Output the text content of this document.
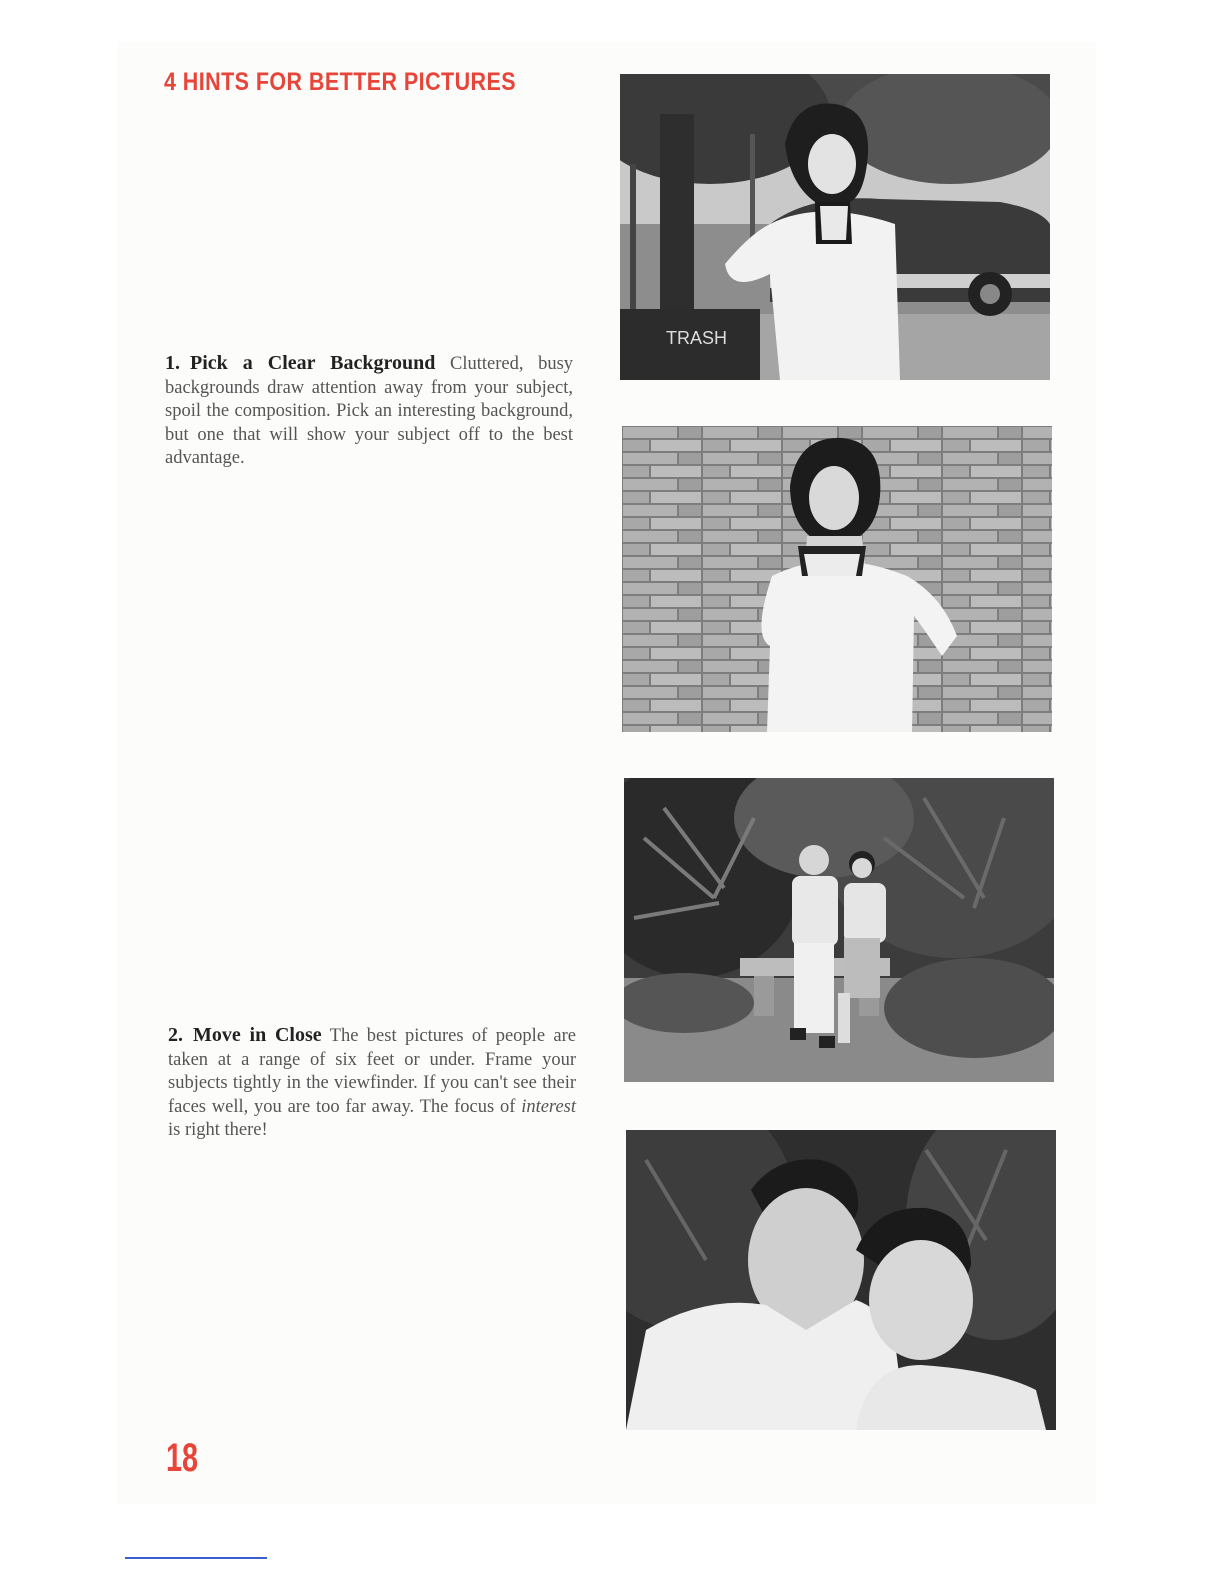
4 HINTS FOR BETTER PICTURES

1. Pick a Clear Background Cluttered, busy backgrounds draw attention away from your subject, spoil the composition. Pick an interesting background, but one that will show your subject off to the best advantage.

2. Move in Close The best pictures of people are taken at a range of six feet or under. Frame your subjects tightly in the viewfinder. If you can't see their faces well, you are too far away. The focus of interest is right there!

TRASH

18
